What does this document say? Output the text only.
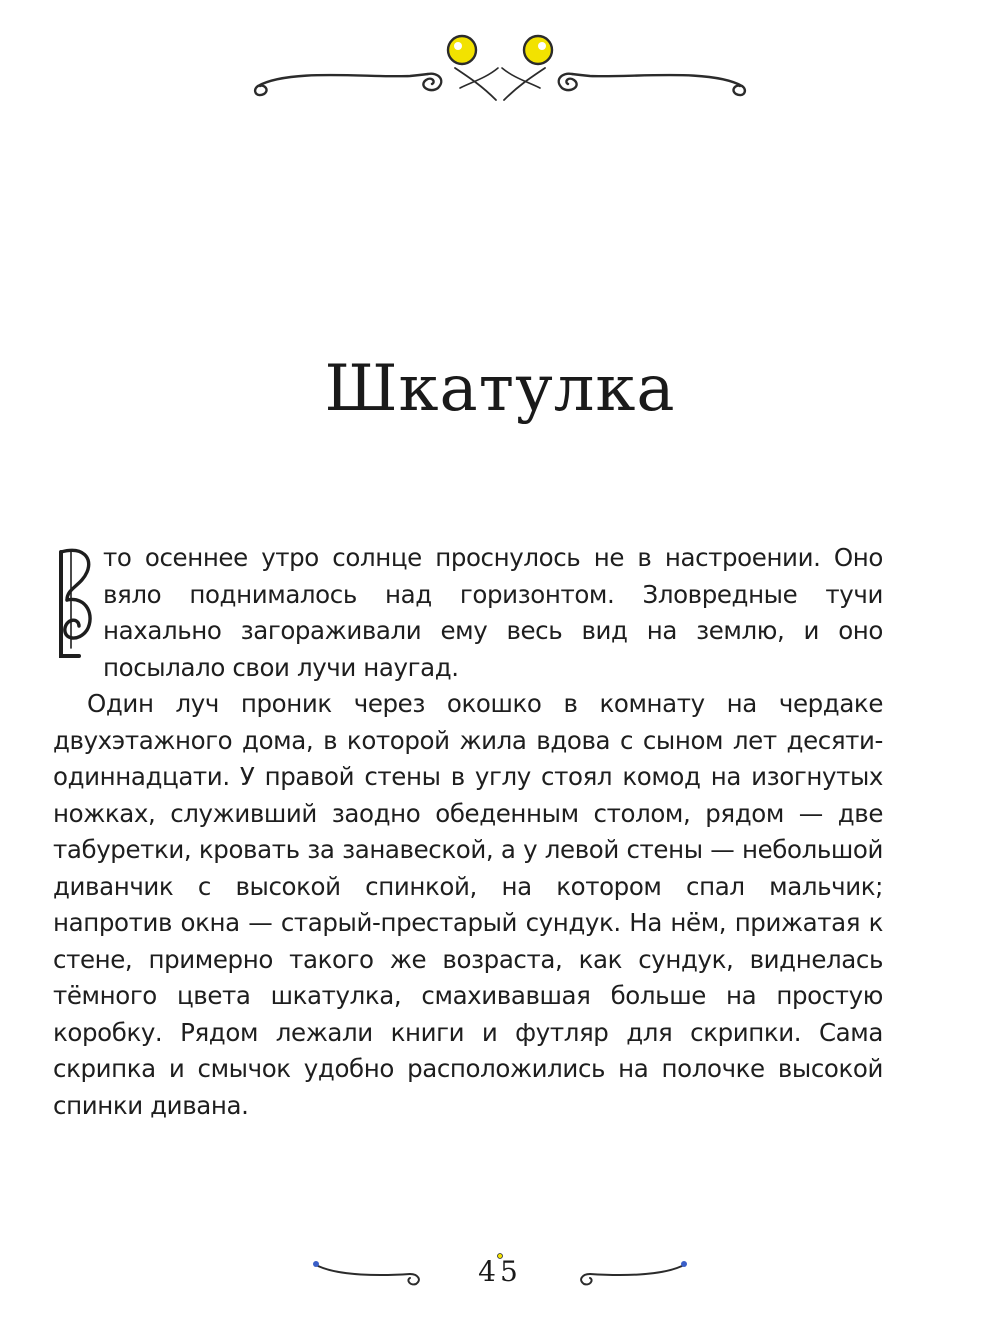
Шкатулка

то осеннее утро солнце проснулось не в настроении. Оно вяло поднималось над горизонтом. Зловредные тучи нахально загораживали ему весь вид на землю, и оно посылало свои лучи наугад.

Один луч проник через окошко в комнату на чердаке двухэтажного дома, в которой жила вдова с сыном лет десяти-одиннадцати. У правой стены в углу стоял комод на изогнутых ножках, служивший заодно обеденным столом, рядом — две табуретки, кровать за занавеской, а у левой стены — небольшой диванчик с высокой спинкой, на котором спал мальчик; напротив окна — старый-престарый сундук. На нём, прижатая к стене, примерно такого же возраста, как сундук, виднелась тёмного цвета шкатулка, смахивавшая больше на простую коробку. Рядом лежали книги и футляр для скрипки. Сама скрипка и смычок удобно расположились на полочке высокой спинки дивана.

45
